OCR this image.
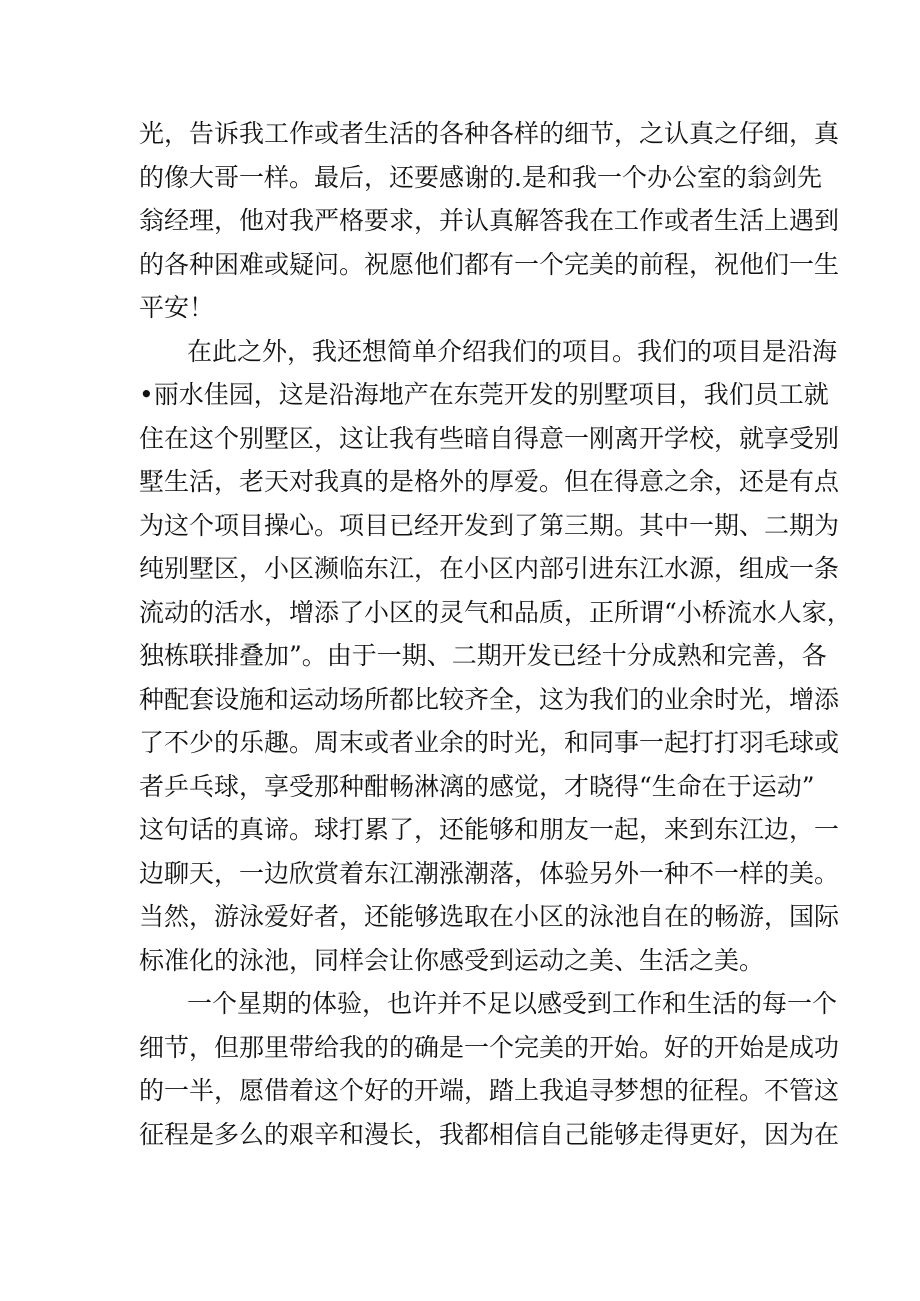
光，告诉我工作或者生活的各种各样的细节，之认真之仔细，真
的像大哥一样。最后，还要感谢的.是和我一个办公室的翁剑先
翁经理，他对我严格要求，并认真解答我在工作或者生活上遇到
的各种困难或疑问。祝愿他们都有一个完美的前程，祝他们一生
平安！
在此之外，我还想简单介绍我们的项目。我们的项目是沿海
•丽水佳园，这是沿海地产在东莞开发的别墅项目，我们员工就
住在这个别墅区，这让我有些暗自得意一刚离开学校，就享受别
墅生活，老天对我真的是格外的厚爱。但在得意之余，还是有点
为这个项目操心。项目已经开发到了第三期。其中一期、二期为
纯别墅区，小区濒临东江，在小区内部引进东江水源，组成一条
流动的活水，增添了小区的灵气和品质，正所谓“小桥流水人家，
独栋联排叠加”。由于一期、二期开发已经十分成熟和完善，各
种配套设施和运动场所都比较齐全，这为我们的业余时光，增添
了不少的乐趣。周末或者业余的时光，和同事一起打打羽毛球或
者乒乓球，享受那种酣畅淋漓的感觉，才晓得“生命在于运动”
这句话的真谛。球打累了，还能够和朋友一起，来到东江边，一
边聊天，一边欣赏着东江潮涨潮落，体验另外一种不一样的美。
当然，游泳爱好者，还能够选取在小区的泳池自在的畅游，国际
标准化的泳池，同样会让你感受到运动之美、生活之美。
一个星期的体验，也许并不足以感受到工作和生活的每一个
细节，但那里带给我的的确是一个完美的开始。好的开始是成功
的一半，愿借着这个好的开端，踏上我追寻梦想的征程。不管这
征程是多么的艰辛和漫长，我都相信自己能够走得更好，因为在
